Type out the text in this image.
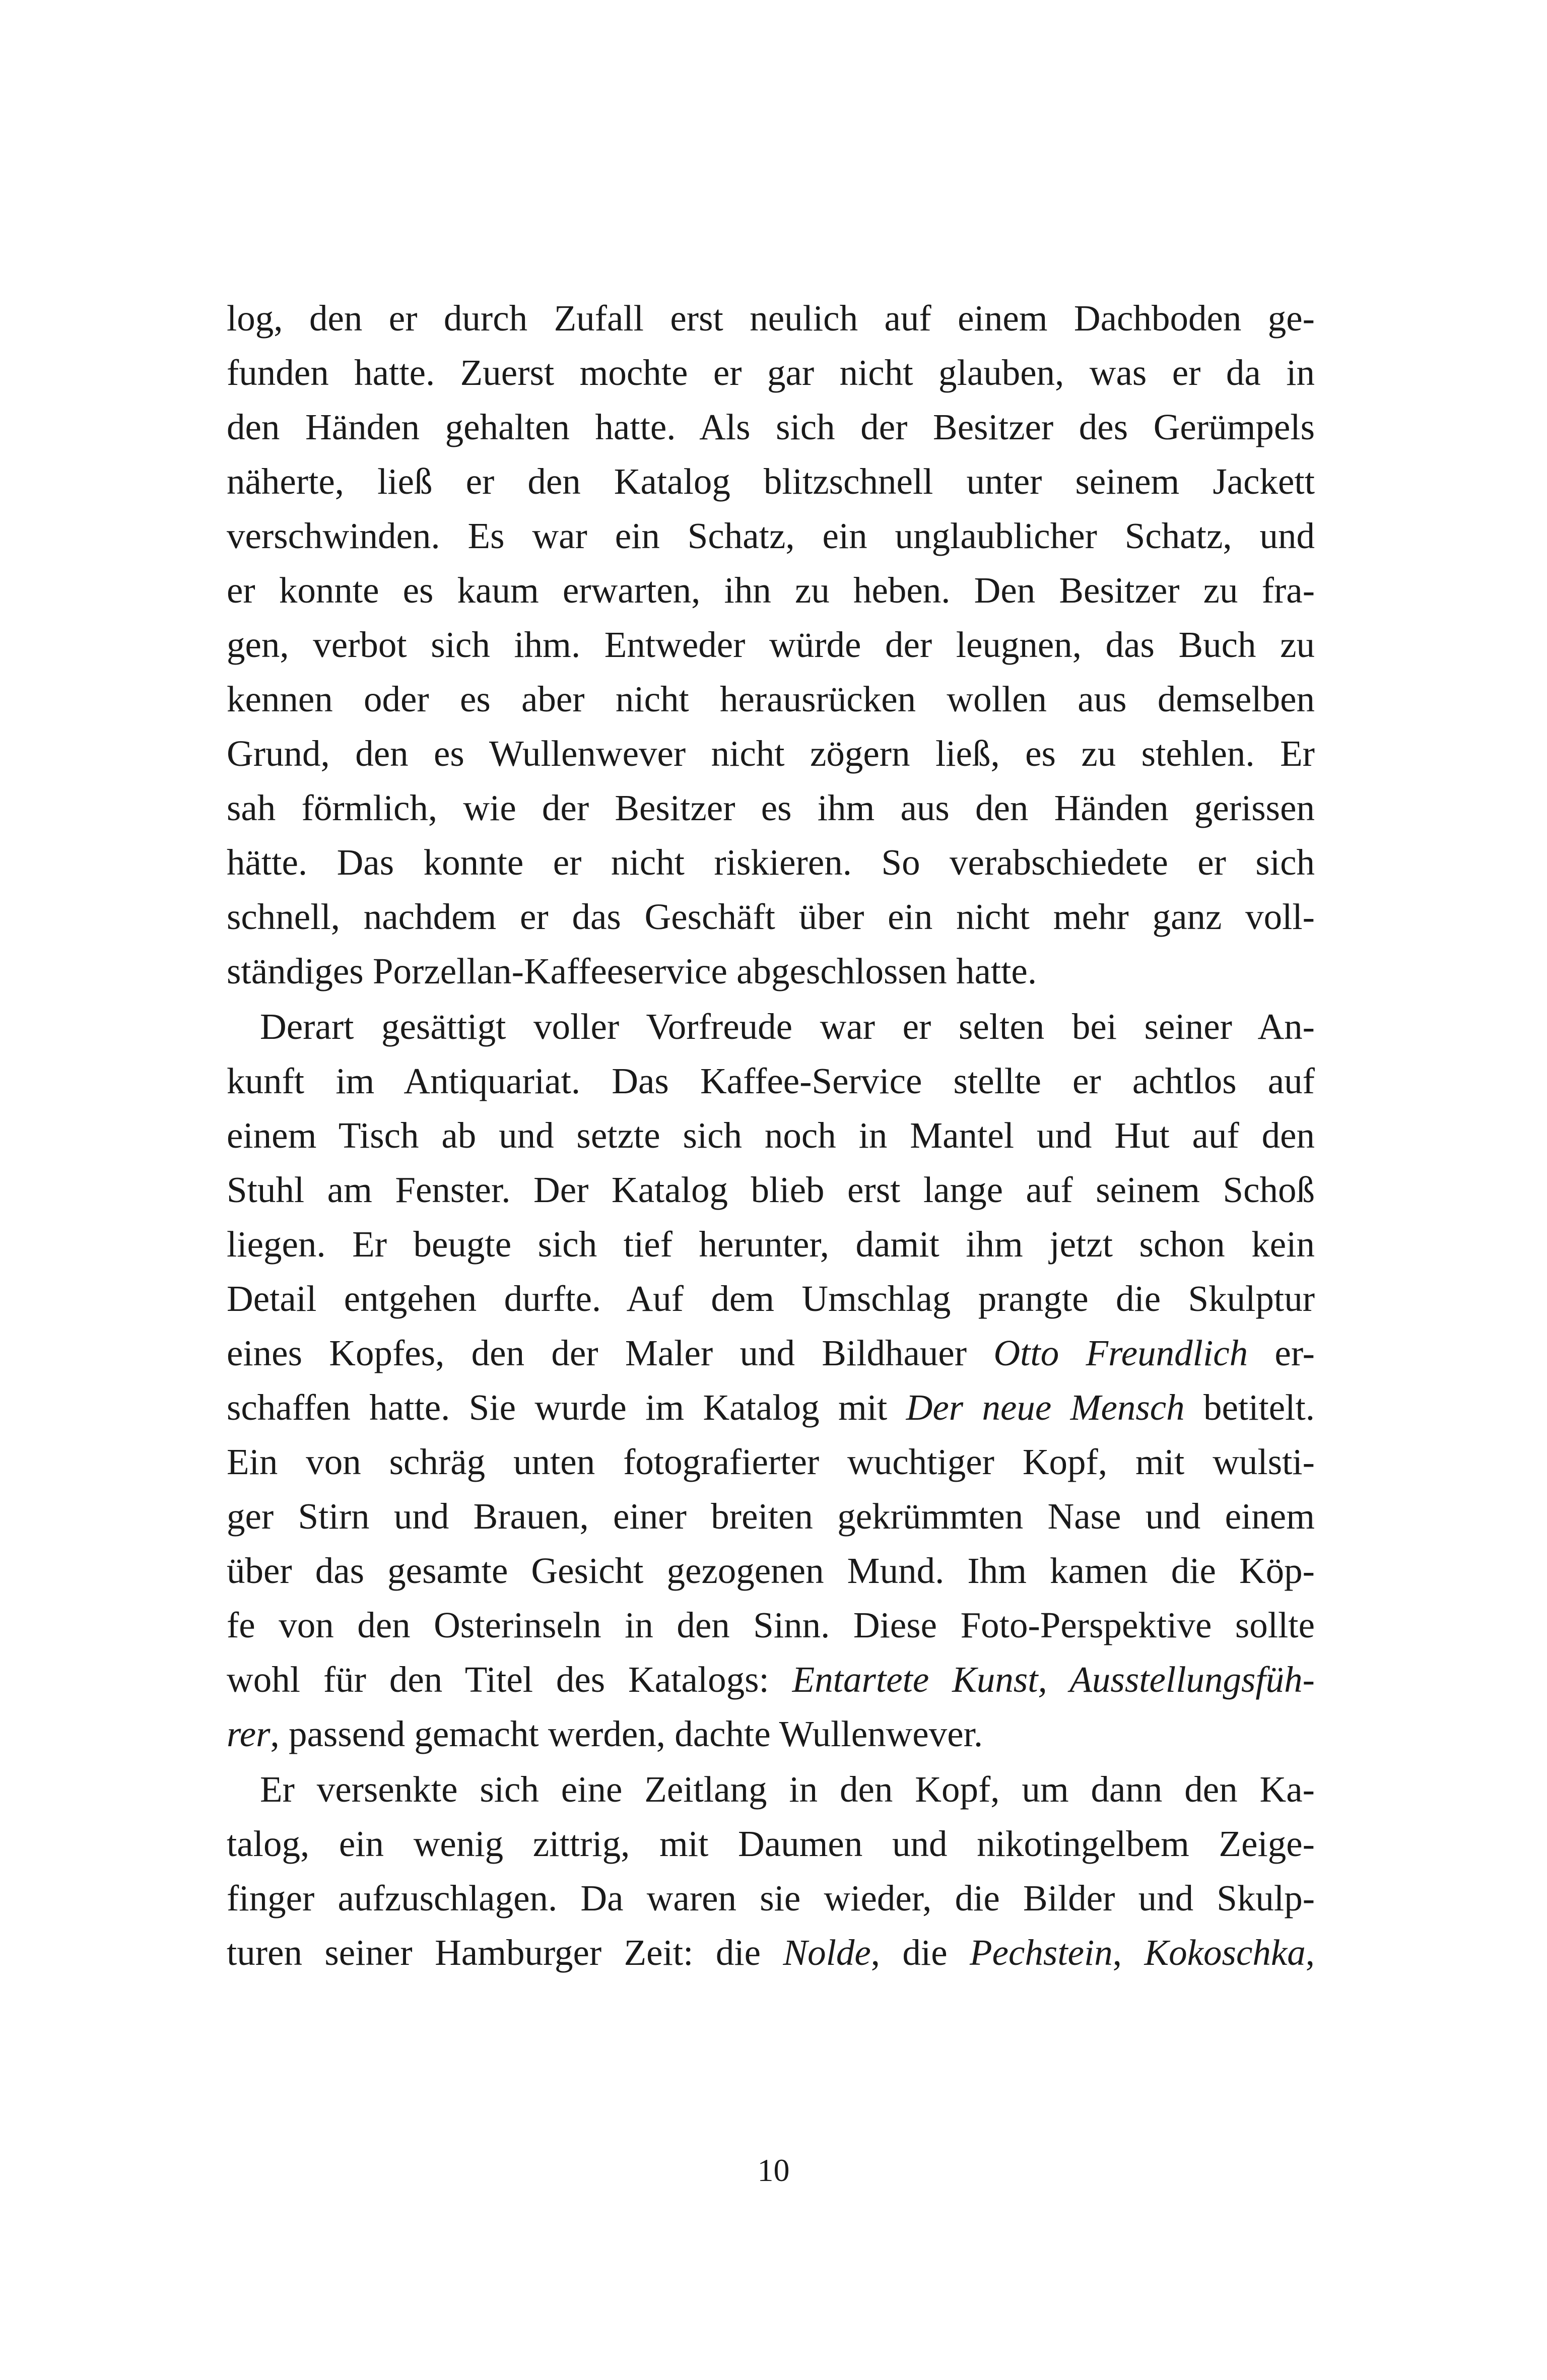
log, den er durch Zufall erst neulich auf einem Dachboden ge-
funden hatte. Zuerst mochte er gar nicht glauben, was er da in
den Händen gehalten hatte. Als sich der Besitzer des Gerümpels
näherte, ließ er den Katalog blitzschnell unter seinem Jackett
verschwinden. Es war ein Schatz, ein unglaublicher Schatz, und
er konnte es kaum erwarten, ihn zu heben. Den Besitzer zu fra-
gen, verbot sich ihm. Entweder würde der leugnen, das Buch zu
kennen oder es aber nicht herausrücken wollen aus demselben
Grund, den es Wullenwever nicht zögern ließ, es zu stehlen. Er
sah förmlich, wie der Besitzer es ihm aus den Händen gerissen
hätte. Das konnte er nicht riskieren. So verabschiedete er sich
schnell, nachdem er das Geschäft über ein nicht mehr ganz voll-
ständiges Porzellan-Kaffeeservice abgeschlossen hatte.
Derart gesättigt voller Vorfreude war er selten bei seiner An-
kunft im Antiquariat. Das Kaffee-Service stellte er achtlos auf
einem Tisch ab und setzte sich noch in Mantel und Hut auf den
Stuhl am Fenster. Der Katalog blieb erst lange auf seinem Schoß
liegen. Er beugte sich tief herunter, damit ihm jetzt schon kein
Detail entgehen durfte. Auf dem Umschlag prangte die Skulptur
eines Kopfes, den der Maler und Bildhauer Otto Freundlich er-
schaffen hatte. Sie wurde im Katalog mit Der neue Mensch betitelt.
Ein von schräg unten fotografierter wuchtiger Kopf, mit wulsti-
ger Stirn und Brauen, einer breiten gekrümmten Nase und einem
über das gesamte Gesicht gezogenen Mund. Ihm kamen die Köp-
fe von den Osterinseln in den Sinn. Diese Foto-Perspektive sollte
wohl für den Titel des Katalogs: Entartete Kunst, Ausstellungsfüh-
rer, passend gemacht werden, dachte Wullenwever.
Er versenkte sich eine Zeitlang in den Kopf, um dann den Ka-
talog, ein wenig zittrig, mit Daumen und nikotingelbem Zeige-
finger aufzuschlagen. Da waren sie wieder, die Bilder und Skulp-
turen seiner Hamburger Zeit: die Nolde, die Pechstein, Kokoschka,
10
